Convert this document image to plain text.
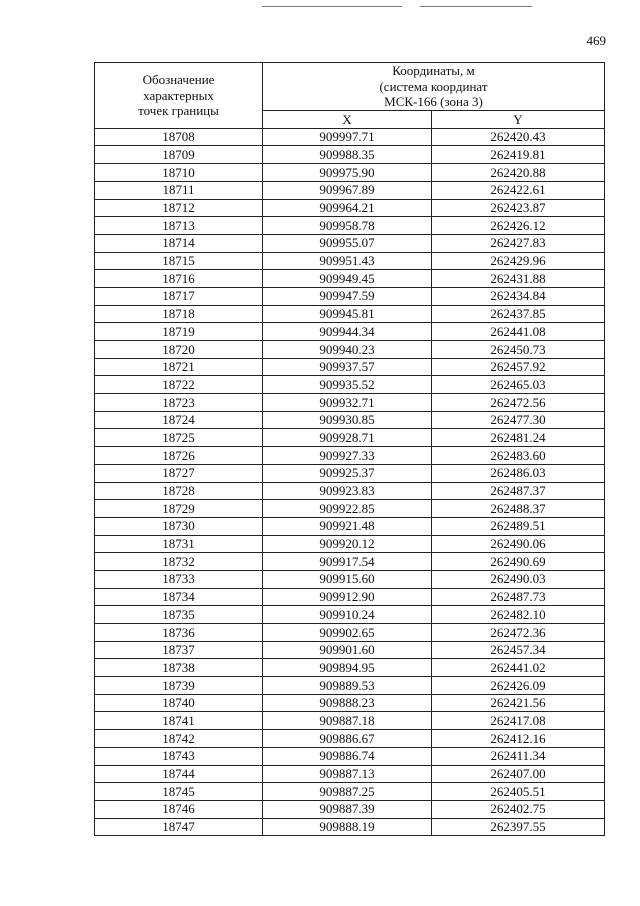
469
Обозначение
характерных
точек границы	Координаты, м
(система координат
МСК-166 (зона 3)	
	X	Y
18708	909997.71	262420.43
18709	909988.35	262419.81
18710	909975.90	262420.88
18711	909967.89	262422.61
18712	909964.21	262423.87
18713	909958.78	262426.12
18714	909955.07	262427.83
18715	909951.43	262429.96
18716	909949.45	262431.88
18717	909947.59	262434.84
18718	909945.81	262437.85
18719	909944.34	262441.08
18720	909940.23	262450.73
18721	909937.57	262457.92
18722	909935.52	262465.03
18723	909932.71	262472.56
18724	909930.85	262477.30
18725	909928.71	262481.24
18726	909927.33	262483.60
18727	909925.37	262486.03
18728	909923.83	262487.37
18729	909922.85	262488.37
18730	909921.48	262489.51
18731	909920.12	262490.06
18732	909917.54	262490.69
18733	909915.60	262490.03
18734	909912.90	262487.73
18735	909910.24	262482.10
18736	909902.65	262472.36
18737	909901.60	262457.34
18738	909894.95	262441.02
18739	909889.53	262426.09
18740	909888.23	262421.56
18741	909887.18	262417.08
18742	909886.67	262412.16
18743	909886.74	262411.34
18744	909887.13	262407.00
18745	909887.25	262405.51
18746	909887.39	262402.75
18747	909888.19	262397.55
